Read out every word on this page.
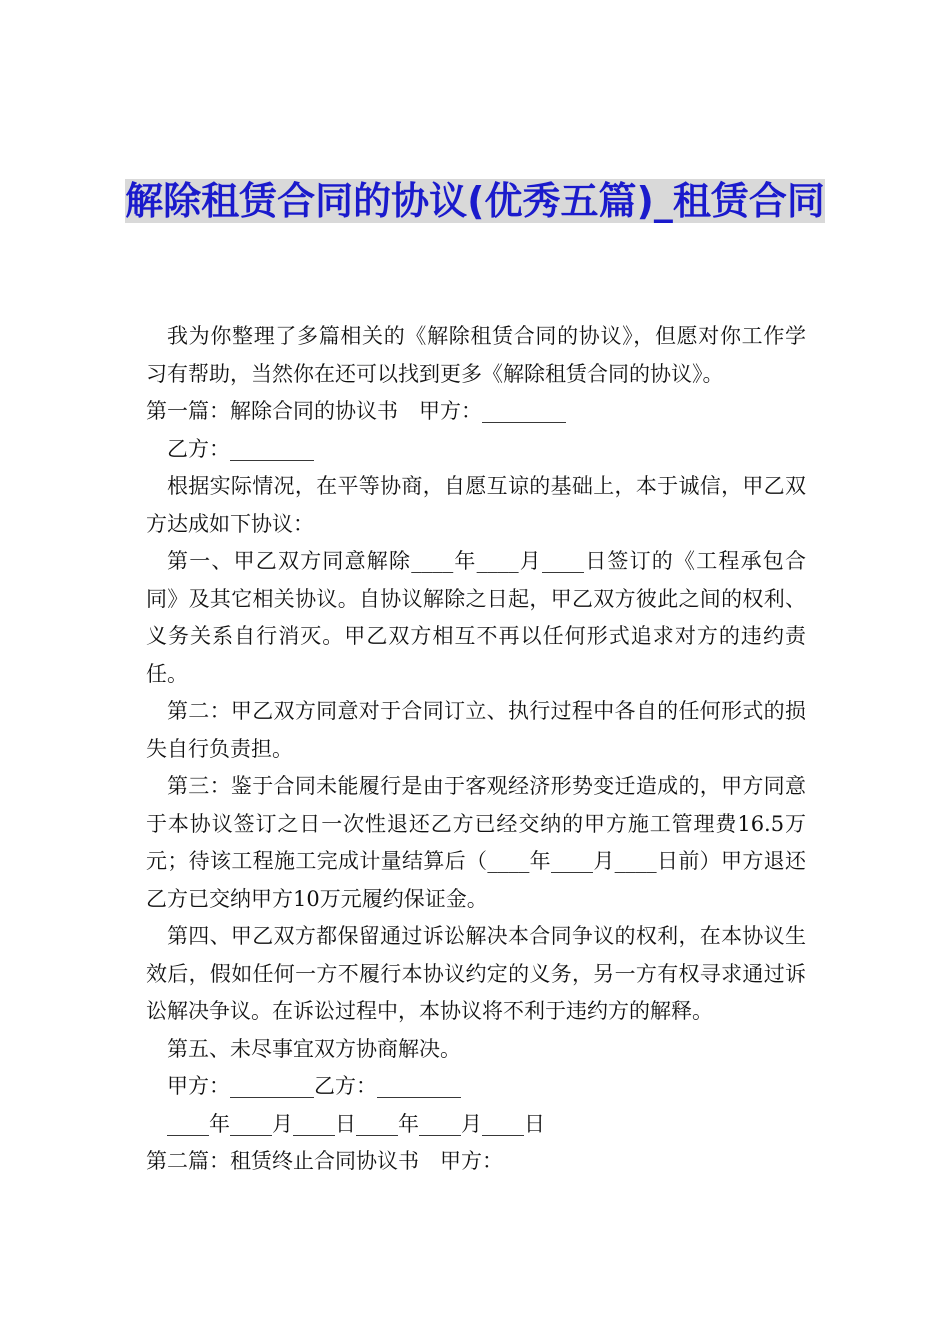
解除租赁合同的协议(优秀五篇)_租赁合同

我为你整理了多篇相关的《解除租赁合同的协议》，但愿对你工作学习有帮助，当然你在还可以找到更多《解除租赁合同的协议》。

第一篇：解除合同的协议书　甲方：________

乙方：________

根据实际情况，在平等协商，自愿互谅的基础上，本于诚信，甲乙双方达成如下协议：

第一、甲乙双方同意解除____年____月____日签订的《工程承包合同》及其它相关协议。自协议解除之日起，甲乙双方彼此之间的权利、义务关系自行消灭。甲乙双方相互不再以任何形式追求对方的违约责任。

第二：甲乙双方同意对于合同订立、执行过程中各自的任何形式的损失自行负责担。

第三：鉴于合同未能履行是由于客观经济形势变迁造成的，甲方同意于本协议签订之日一次性退还乙方已经交纳的甲方施工管理费16.5万元；待该工程施工完成计量结算后（____年____月____日前）甲方退还乙方已交纳甲方10万元履约保证金。

第四、甲乙双方都保留通过诉讼解决本合同争议的权利，在本协议生效后，假如任何一方不履行本协议约定的义务，另一方有权寻求通过诉讼解决争议。在诉讼过程中，本协议将不利于违约方的解释。

第五、未尽事宜双方协商解决。

甲方：________乙方：________

____年____月____日____年____月____日

第二篇：租赁终止合同协议书　甲方：
